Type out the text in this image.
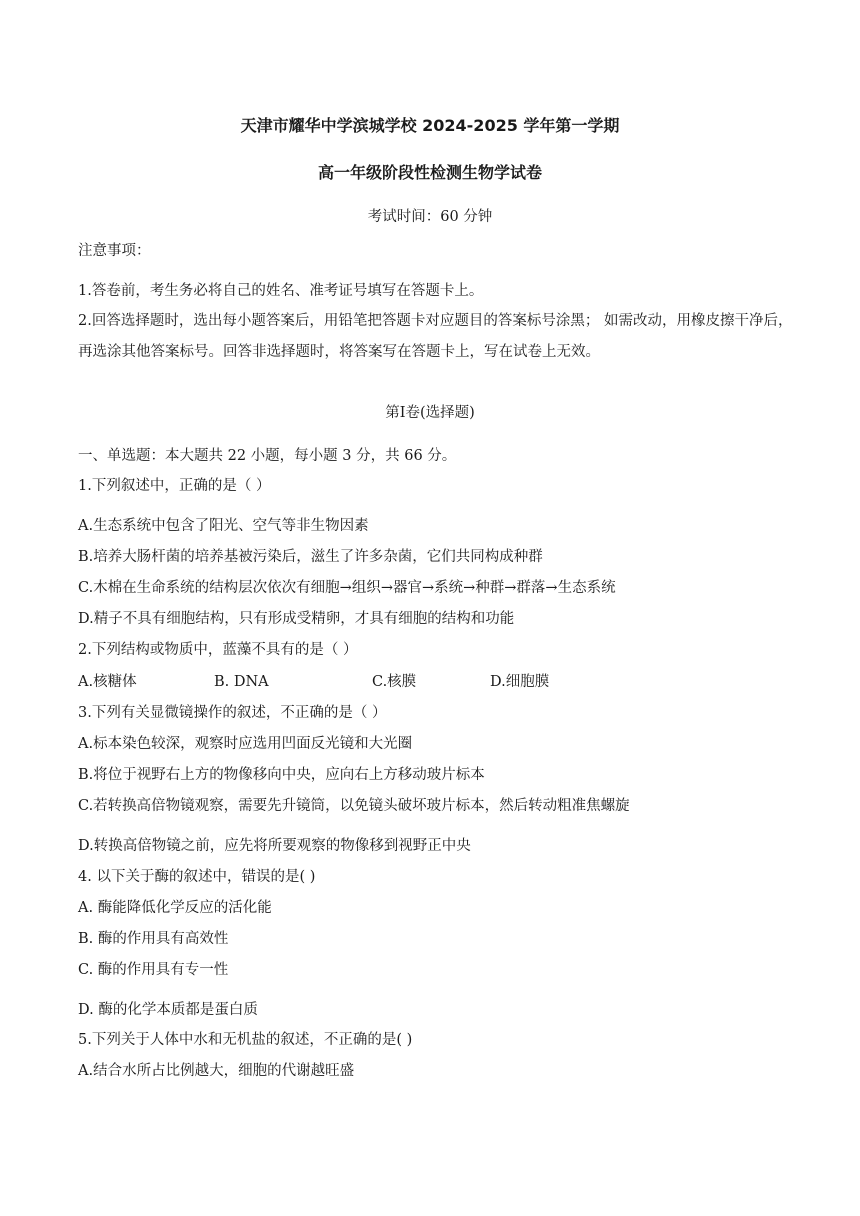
天津市耀华中学滨城学校 2024-2025 学年第一学期
高一年级阶段性检测生物学试卷
考试时间：60 分钟
注意事项：
1.答卷前，考生务必将自己的姓名、准考证号填写在答题卡上。
2.回答选择题时，选出每小题答案后，用铅笔把答题卡对应题目的答案标号涂黑； 如需改动，用橡皮擦干净后，再选涂其他答案标号。回答非选择题时，将答案写在答题卡上，写在试卷上无效。
第Ⅰ卷(选择题)
一、单选题：本大题共 22 小题，每小题 3 分，共 66 分。
1.下列叙述中，正确的是（ ）
A.生态系统中包含了阳光、空气等非生物因素
B.培养大肠杆菌的培养基被污染后，滋生了许多杂菌，它们共同构成种群
C.木棉在生命系统的结构层次依次有细胞→组织→器官→系统→种群→群落→生态系统
D.精子不具有细胞结构，只有形成受精卵，才具有细胞的结构和功能
2.下列结构或物质中，蓝藻不具有的是（ ）
A.核糖体	B. DNA	C.核膜	D.细胞膜
3.下列有关显微镜操作的叙述，不正确的是（ ）
A.标本染色较深，观察时应选用凹面反光镜和大光圈
B.将位于视野右上方的物像移向中央，应向右上方移动玻片标本
C.若转换高倍物镜观察，需要先升镜筒，以免镜头破坏玻片标本，然后转动粗准焦螺旋
D.转换高倍物镜之前，应先将所要观察的物像移到视野正中央
4. 以下关于酶的叙述中，错误的是( )
A. 酶能降低化学反应的活化能
B. 酶的作用具有高效性
C. 酶的作用具有专一性
D. 酶的化学本质都是蛋白质
5.下列关于人体中水和无机盐的叙述，不正确的是( )
A.结合水所占比例越大，细胞的代谢越旺盛
